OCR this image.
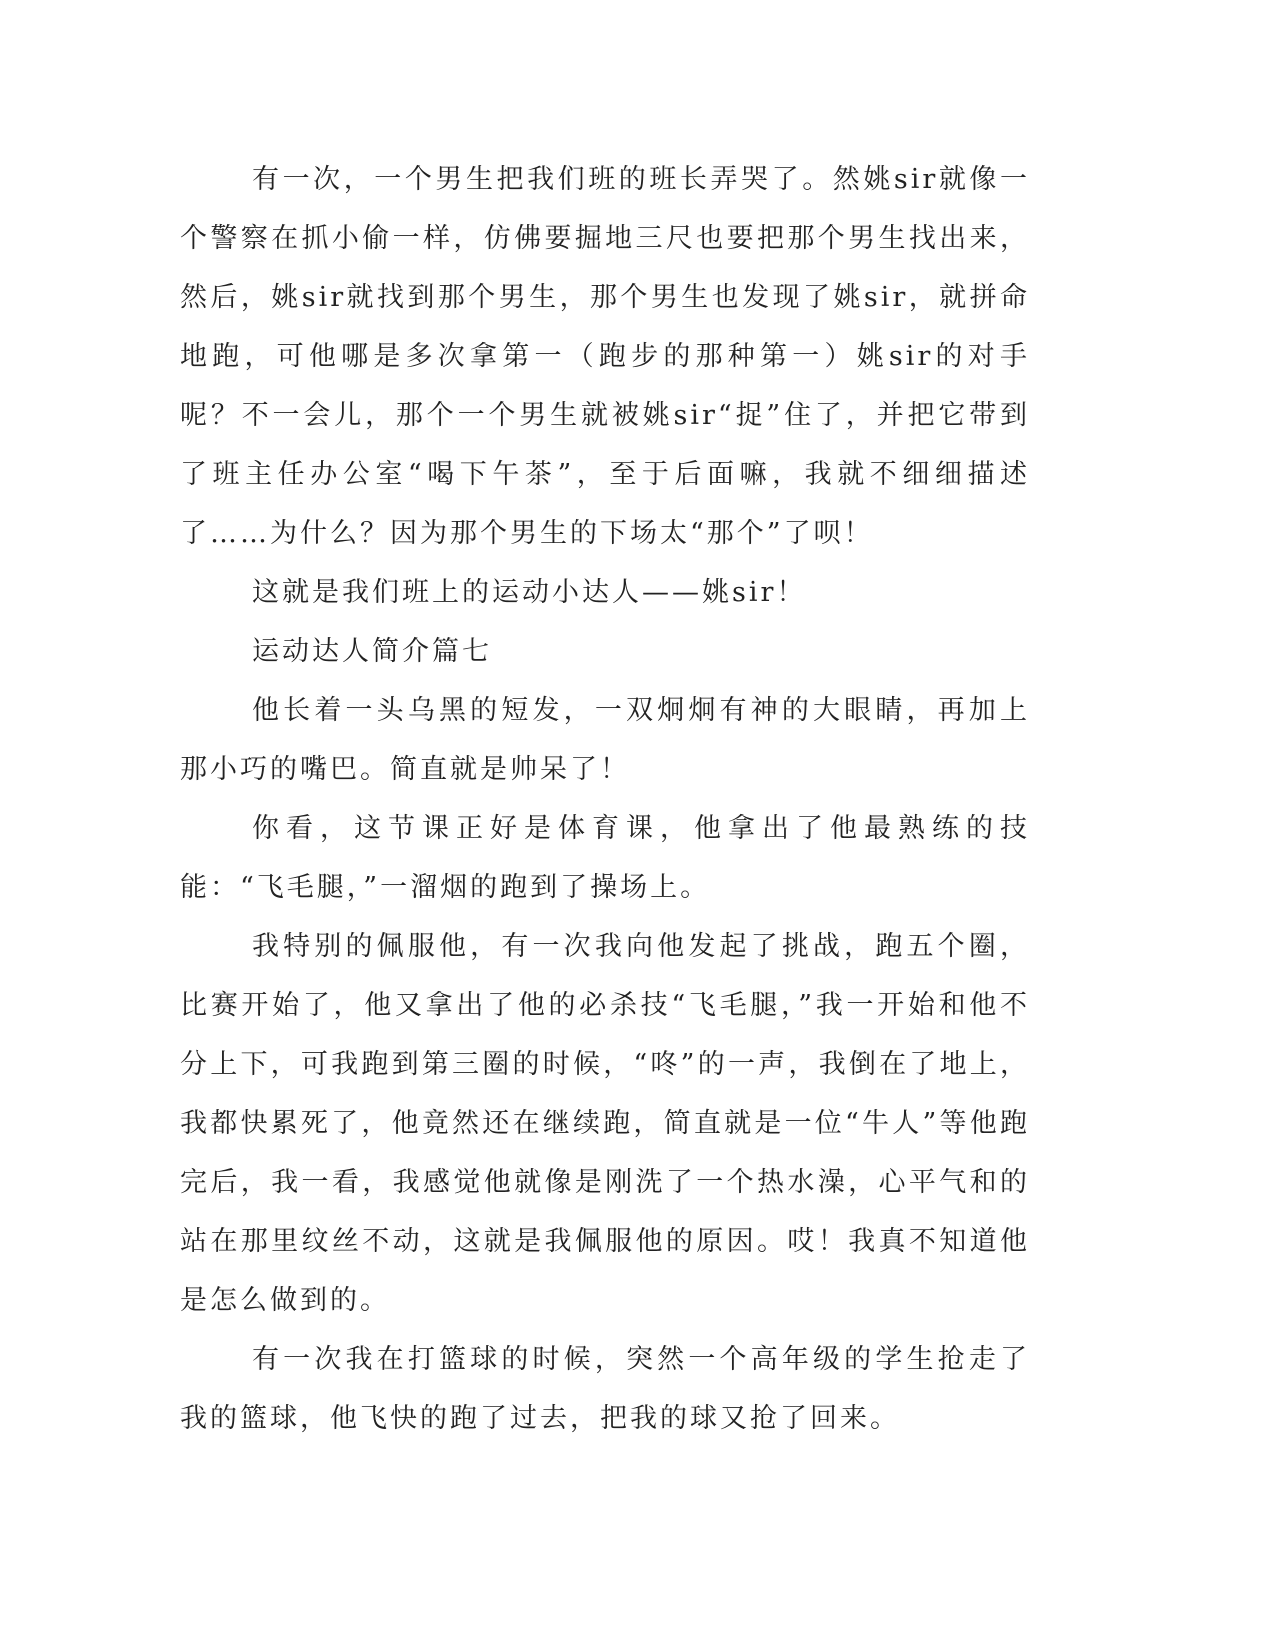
有一次，一个男生把我们班的班长弄哭了。然姚sir就像一个警察在抓小偷一样，仿佛要掘地三尺也要把那个男生找出来，然后，姚sir就找到那个男生，那个男生也发现了姚sir，就拼命地跑，可他哪是多次拿第一（跑步的那种第一）姚sir的对手呢？不一会儿，那个一个男生就被姚sir“捉”住了，并把它带到了班主任办公室“喝下午茶”，至于后面嘛，我就不细细描述了……为什么？因为那个男生的下场太“那个”了呗！

这就是我们班上的运动小达人——姚sir！

运动达人简介篇七

他长着一头乌黑的短发，一双炯炯有神的大眼睛，再加上那小巧的嘴巴。简直就是帅呆了！

你看，这节课正好是体育课，他拿出了他最熟练的技能：“飞毛腿，”一溜烟的跑到了操场上。

我特别的佩服他，有一次我向他发起了挑战，跑五个圈，比赛开始了，他又拿出了他的必杀技“飞毛腿，”我一开始和他不分上下，可我跑到第三圈的时候，“咚”的一声，我倒在了地上，我都快累死了，他竟然还在继续跑，简直就是一位“牛人”等他跑完后，我一看，我感觉他就像是刚洗了一个热水澡，心平气和的站在那里纹丝不动，这就是我佩服他的原因。哎！我真不知道他是怎么做到的。

有一次我在打篮球的时候，突然一个高年级的学生抢走了我的篮球，他飞快的跑了过去，把我的球又抢了回来。
